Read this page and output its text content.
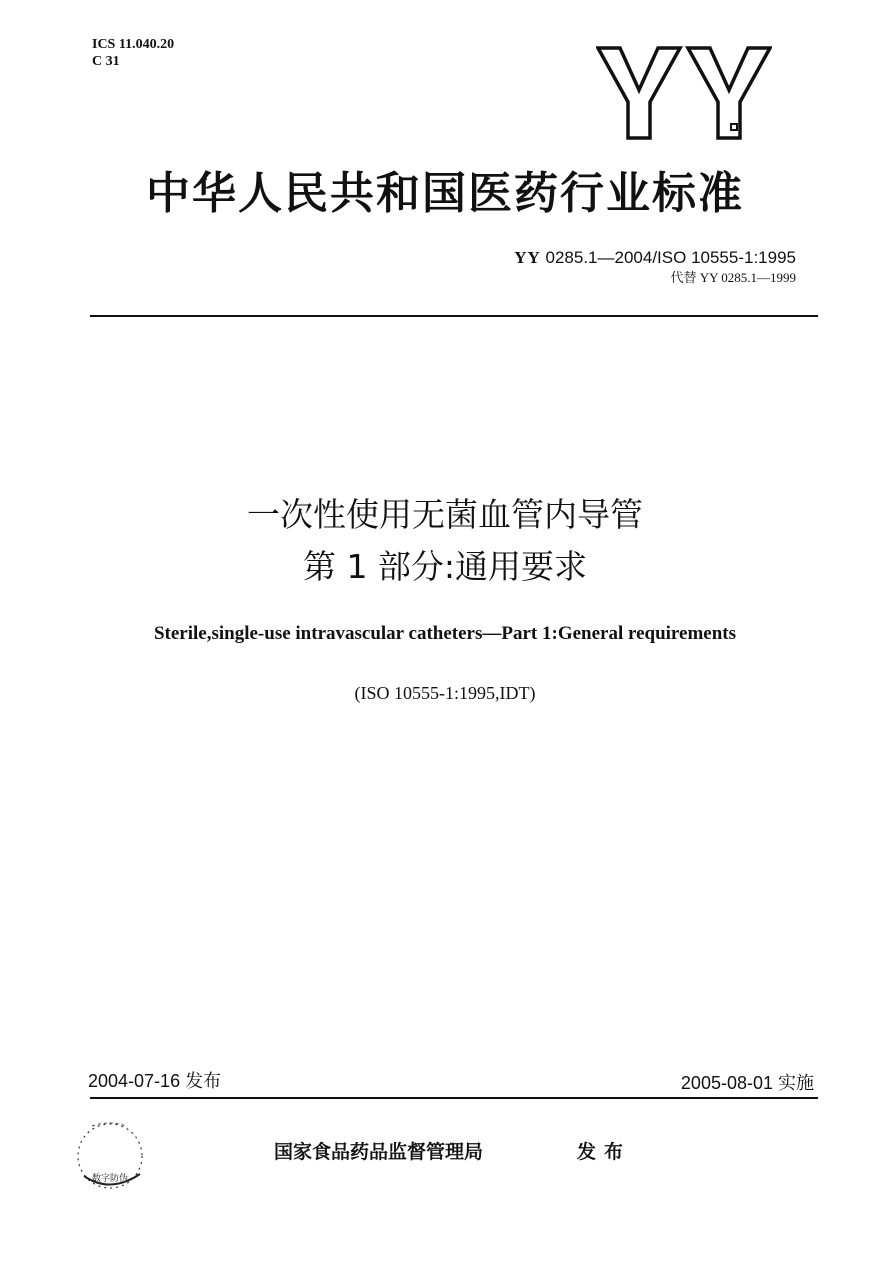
ICS 11.040.20
C 31
中华人民共和国医药行业标准
YY 0285.1—2004/ISO 10555-1:1995
代替 YY 0285.1—1999
一次性使用无菌血管内导管
第 1 部分:通用要求
Sterile,single-use intravascular catheters—Part 1:General requirements
(ISO 10555-1:1995,IDT)
2004-07-16 发布	2005-08-01 实施
数字防伪
国家食品药品监督管理局	发布
